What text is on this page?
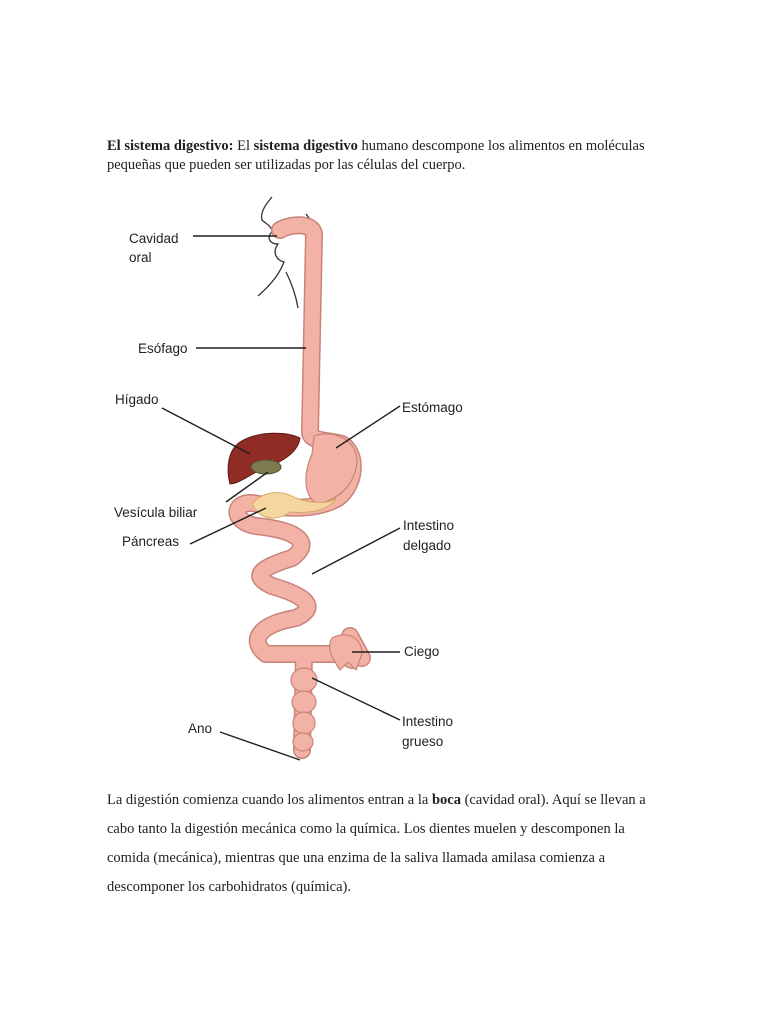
El sistema digestivo: El sistema digestivo humano descompone los alimentos en moléculas pequeñas que pueden ser utilizadas por las células del cuerpo.

Cavidad
oral
Esófago
Hígado
Estómago
Vesícula biliar
Páncreas
Intestino
delgado
Ciego
Intestino
grueso
Ano

La digestión comienza cuando los alimentos entran a la boca (cavidad oral). Aquí se llevan a cabo tanto la digestión mecánica como la química. Los dientes muelen y descomponen la comida (mecánica), mientras que una enzima de la saliva llamada amilasa comienza a descomponer los carbohidratos (química).
